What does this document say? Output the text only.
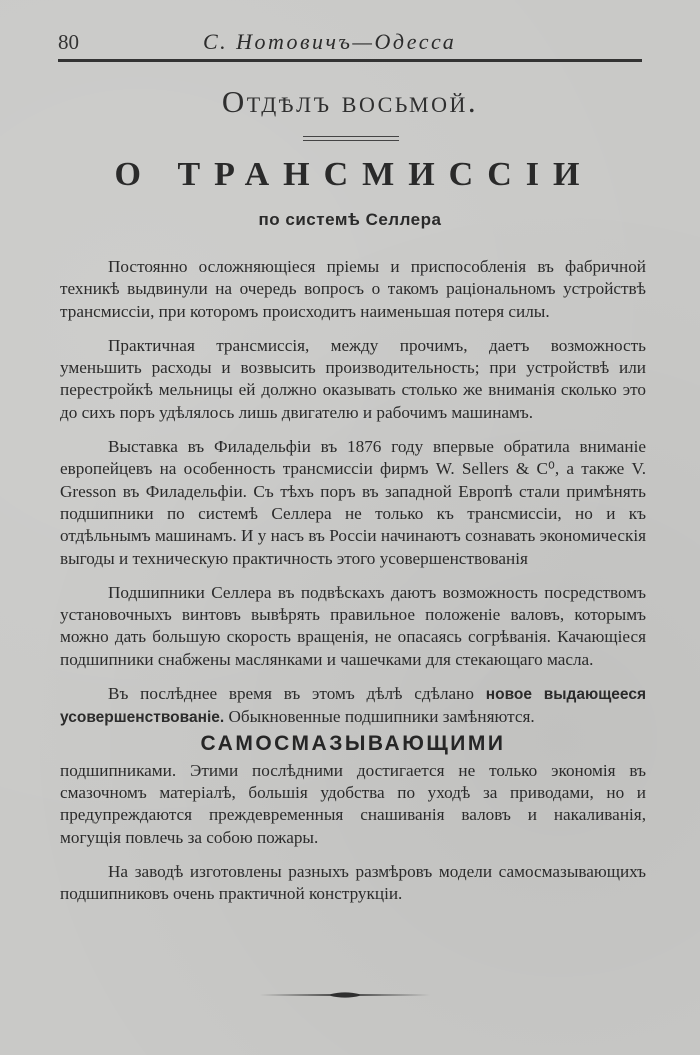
80	С. Нотовичъ—Одесса
Отдѣлъ восьмой.
О ТРАНСМИССІИ
по системѣ Селлера

Постоянно осложняющіеся пріемы и приспособленія въ фабричной техникѣ выдвинули на очередь вопросъ о такомъ раціональномъ устройствѣ трансмиссіи, при которомъ происходитъ наименьшая потеря силы.

Практичная трансмиссія, между прочимъ, даетъ возможность уменьшить расходы и возвысить производительность; при устройствѣ или перестройкѣ мельницы ей должно оказывать столько же вниманія сколько это до сихъ поръ удѣлялось лишь двигателю и рабочимъ машинамъ.

Выставка въ Филадельфіи въ 1876 году впервые обратила вниманіе европейцевъ на особенность трансмиссіи фирмъ W. Sellers & C⁰, а также V. Gresson въ Филадельфіи. Съ тѣхъ поръ въ западной Европѣ стали примѣнять подшипники по системѣ Селлера не только къ трансмиссіи, но и къ отдѣльнымъ машинамъ. И у насъ въ Россіи начинаютъ сознавать экономическія выгоды и техническую практичность этого усовершенствованія

Подшипники Селлера въ подвѣскахъ даютъ возможность посредствомъ установочныхъ винтовъ вывѣрять правильное положеніе валовъ, которымъ можно дать большую скорость вращенія, не опасаясь согрѣванія. Качающіеся подшипники снабжены маслянками и чашечками для стекающаго масла.

Въ послѣднее время въ этомъ дѣлѣ сдѣлано новое выдающееся усовершенствованіе. Обыкновенные подшипники замѣняются.

САМОСМАЗЫВАЮЩИМИ

подшипниками. Этими послѣдними достигается не только экономія въ смазочномъ матеріалѣ, большія удобства по уходѣ за приводами, но и предупреждаются преждевременныя снашиванія валовъ и накаливанія, могущія повлечь за собою пожары.

На заводѣ изготовлены разныхъ размѣровъ модели самосмазывающихъ подшипниковъ очень практичной конструкціи.
